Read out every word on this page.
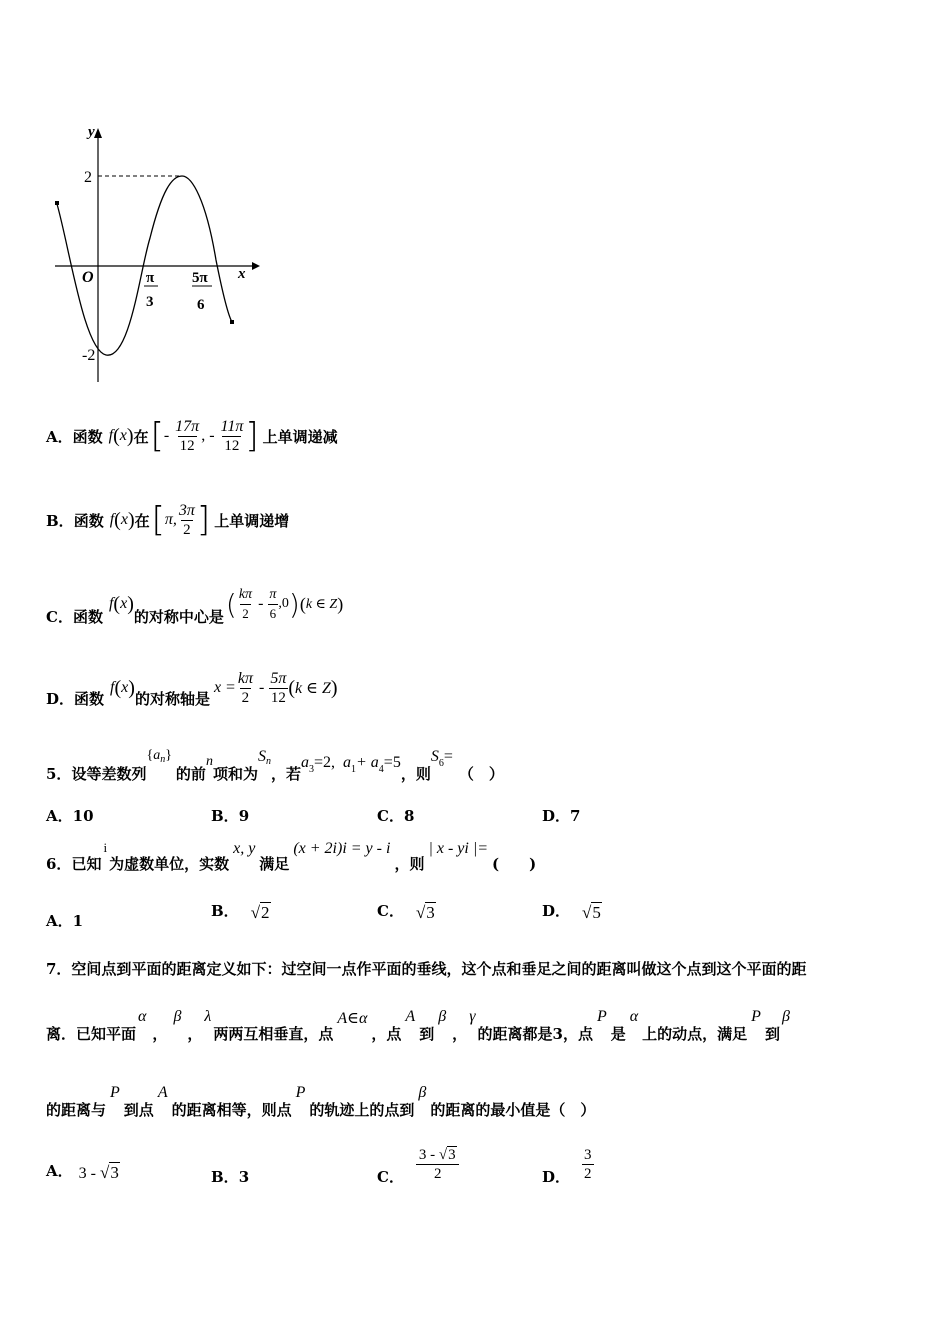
y
x
O
2
-2
π
3
5π
6
A． 函数 f ( x ) 在 [ - $\frac{17\pi}{12}$ , - $\frac{11\pi}{12}$ ] 上单调递减
B． 函数 f ( x ) 在 [ π, $\frac{3\pi}{2}$ ] 上单调递增
C． 函数
f ( x )
的对称中心是 ( $\frac{k\pi}{2} - \frac{\pi}{6} ,0$ ) ( k ∈ Z )
D． 函数
f ( x ) 的对称轴是
$x = \frac{k\pi}{2} - \frac{5\pi}{12}$ ( k ∈ Z )
5． 设等差数列
{ a n }
的前
n
项和为
S n
，若
a 3 =2, a 1 + a 4 =5
，则
S 6 =
（　）
A．10	B．9	C．8	D．7
6． 已知
i
为虚数单位，实数
x, y
满足
(x + 2i)i = y - i
，则
| x - yi |=
(　　)
A．1
B． √2	C． √3	D． √5
7．空间点到平面的距离定义如下：过空间一点作平面的垂线，这个点和垂足之间的距离叫做这个点到这个平面的距
离．已知平面
α
，
β
，
λ
两两互相垂直，点
A∈α
，点
A
到
β
，
γ
的距离都是3，点
P
是
α
上的动点，满足
P
到
β
的距离与
P
到点
A
的距离相等，则点
P
的轨迹上的点到
β
的距离的最小值是（　）
A． 3 - √3	B．3	C． $\frac{3 - √3}{2}$	D． $\frac{3}{2}$
